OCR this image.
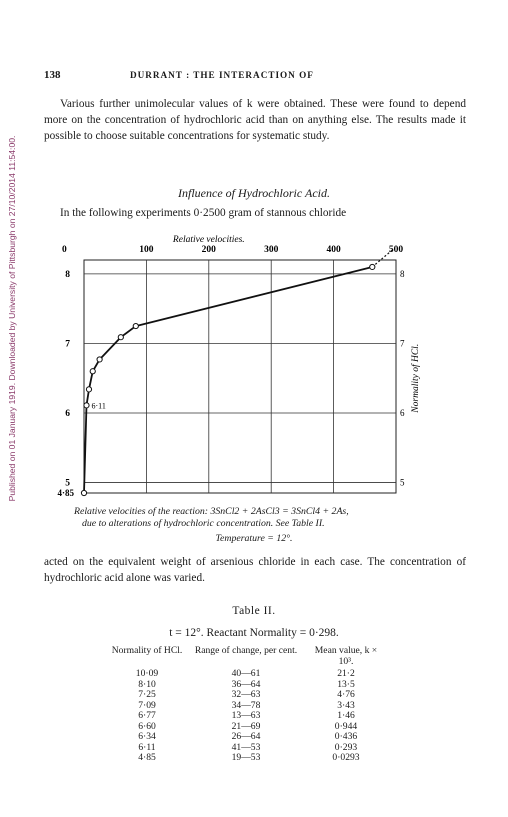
Published on 01 January 1919. Downloaded by University of Pittsburgh on 27/10/2014 11:54:00.
138	DURRANT : THE INTERACTION OF
Various further unimolecular values of k were obtained. These were found to depend more on the concentration of hydrochloric acid than on anything else. The results made it possible to choose suitable concentrations for systematic study.
Influence of Hydrochloric Acid.
In the following experiments 0·2500 gram of stannous chloride
Relative velocities.
0	100	200	300	400	500
8	8
7	7
6	6
5	5
4·85
Normality of HCl.
6·11
Relative velocities of the reaction: 3SnCl2 + 2AsCl3 = 3SnCl4 + 2As,
due to alterations of hydrochloric concentration. See Table II.
Temperature = 12°.
acted on the equivalent weight of arsenious chloride in each case. The concentration of hydrochloric acid alone was varied.
Table II.
t = 12°. Reactant Normality = 0·298.
Normality of HCl.	Range of change, per cent.	Mean value, k × 10³.
10·09	40—61	21·2
8·10	36—64	13·5
7·25	32—63	4·76
7·09	34—78	3·43
6·77	13—63	1·46
6·60	21—69	0·944
6·34	26—64	0·436
6·11	41—53	0·293
4·85	19—53	0·0293
